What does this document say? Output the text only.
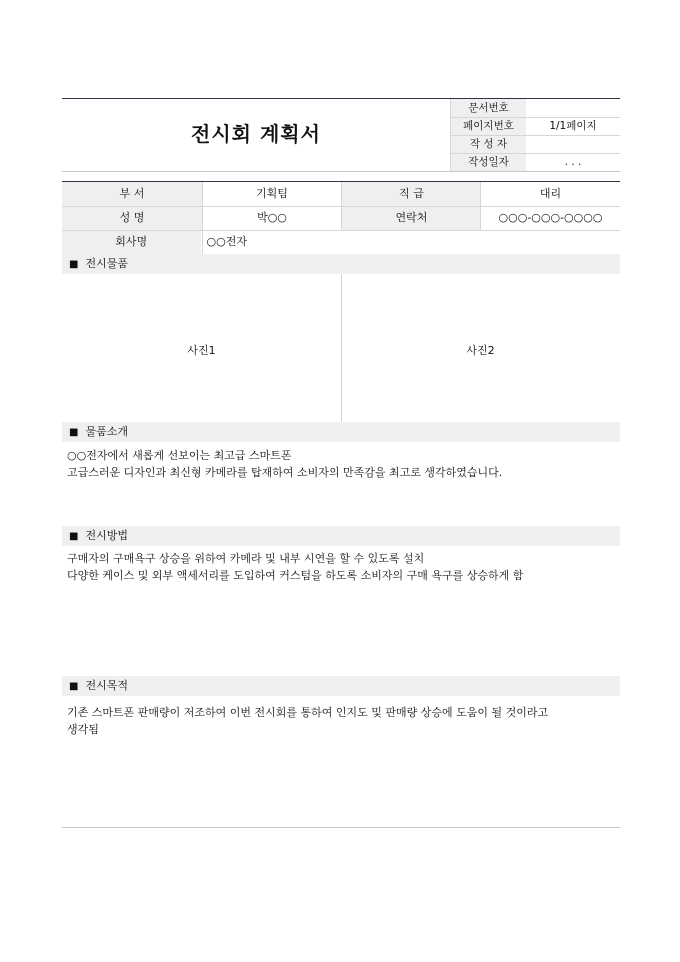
전시회 계획서
문서번호
페이지번호	1/1페이지
작 성 자
작성일자	. . .
부 서	기획팀	직 급	대리
성 명	박○○	연락처	○○○-○○○-○○○○
회사명	○○전자
■ 전시물품
사진1	사진2
■ 물품소개
○○전자에서 새롭게 선보이는 최고급 스마트폰
고급스러운 디자인과 최신형 카메라를 탑재하여 소비자의 만족감을 최고로 생각하였습니다.
■ 전시방법
구매자의 구매욕구 상승을 위하여 카메라 및 내부 시연을 할 수 있도록 설치
다양한 케이스 및 외부 액세서리를 도입하여 커스텀을 하도록 소비자의 구매 욕구를 상승하게 함
■ 전시목적
기존 스마트폰 판매량이 저조하여 이번 전시회를 통하여 인지도 및 판매량 상승에 도움이 될 것이라고
생각됨
